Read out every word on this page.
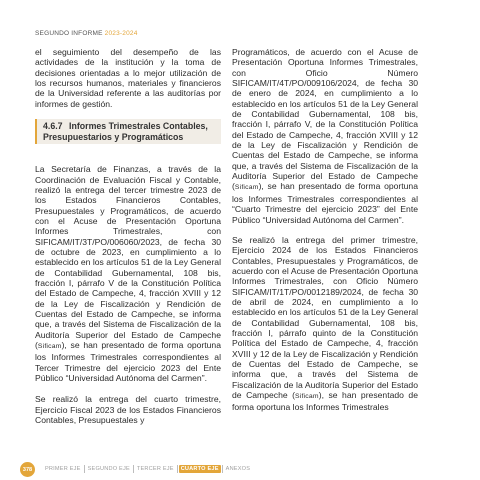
SEGUNDO INFORME 2023-2024

el seguimiento del desempeño de las actividades de la institución y la toma de decisiones orientadas a lo mejor utilización de los recursos humanos, materiales y financieros de la Universidad referente a las auditorías por informes de gestión.

4.6.7 Informes Trimestrales Contables, Presupuestarios y Programáticos

La Secretaría de Finanzas, a través de la Coordinación de Evaluación Fiscal y Contable, realizó la entrega del tercer trimestre 2023 de los Estados Financieros Contables, Presupuestales y Programáticos, de acuerdo con el Acuse de Presentación Oportuna Informes Trimestrales, con SIFICAM/IT/3T/PO/006060/2023, de fecha 30 de octubre de 2023, en cumplimiento a lo establecido en los artículos 51 de la Ley General de Contabilidad Gubernamental, 108 bis, fracción I, párrafo V de la Constitución Política del Estado de Campeche, 4, fracción XVIII y 12 de la Ley de Fiscalización y Rendición de Cuentas del Estado de Campeche, se informa que, a través del Sistema de Fiscalización de la Auditoría Superior del Estado de Campeche (Sificam), se han presentado de forma oportuna los Informes Trimestrales correspondientes al Tercer Trimestre del ejercicio 2023 del Ente Público “Universidad Autónoma del Carmen”.

Se realizó la entrega del cuarto trimestre, Ejercicio Fiscal 2023 de los Estados Financieros Contables, Presupuestales y

Programáticos, de acuerdo con el Acuse de Presentación Oportuna Informes Trimestrales, con Oficio Número SIFICAM/IT/4T/PO/009106/2024, de fecha 30 de enero de 2024, en cumplimiento a lo establecido en los artículos 51 de la Ley General de Contabilidad Gubernamental, 108 bis, fracción I, párrafo V, de la Constitución Política del Estado de Campeche, 4, fracción XVIII y 12 de la Ley de Fiscalización y Rendición de Cuentas del Estado de Campeche, se informa que, a través del Sistema de Fiscalización de la Auditoría Superior del Estado de Campeche (Sificam), se han presentado de forma oportuna los Informes Trimestrales correspondientes al “Cuarto Trimestre del ejercicio 2023” del Ente Público “Universidad Autónoma del Carmen”.

Se realizó la entrega del primer trimestre, Ejercicio 2024 de los Estados Financieros Contables, Presupuestales y Programáticos, de acuerdo con el Acuse de Presentación Oportuna Informes Trimestrales, con Oficio Número SIFICAM/IT/1T/PO/0012189/2024, de fecha 30 de abril de 2024, en cumplimiento a lo establecido en los artículos 51 de la Ley General de Contabilidad Gubernamental, 108 bis, fracción I, párrafo quinto de la Constitución Política del Estado de Campeche, 4, fracción XVIII y 12 de la Ley de Fiscalización y Rendición de Cuentas del Estado de Campeche, se informa que, a través del Sistema de Fiscalización de la Auditoría Superior del Estado de Campeche (Sificam), se han presentado de forma oportuna los Informes Trimestrales

378	PRIMER EJE	SEGUNDO EJE	TERCER EJE	CUARTO EJE	ANEXOS
